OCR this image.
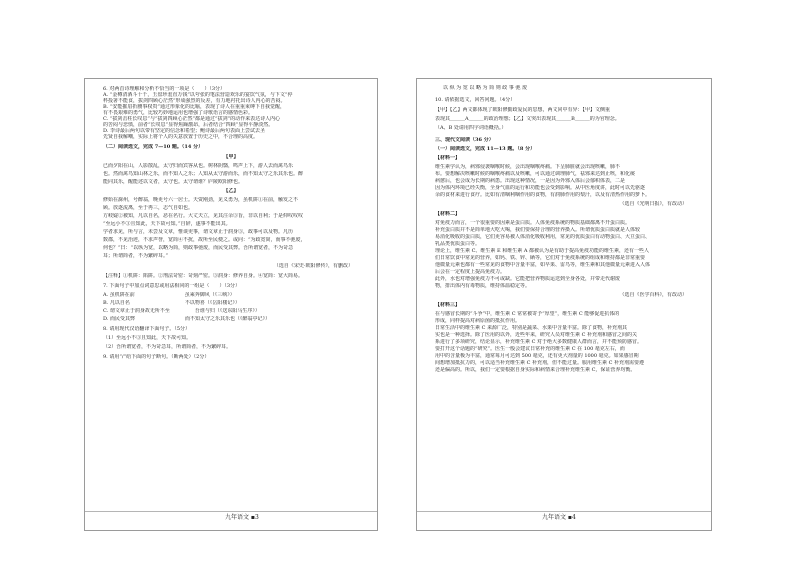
6. 对两首诗理解和分析不恰当的一项是（　　）（3分）
A. “金樽清酒斗十千，玉盘珍羞直万钱”以夸张的笔法营造欢乐的宴饮气氛，与下文“停
杯投箸不能食，拔剑四顾心茫然”形成强烈的反差，有力地衬托出诗人内心的苦闷。
B. “安能摧眉折腰事权贵”通过形象化的比喻，表现了诗人在重重束缚下自我觉醒，
有不畏艰难的勇气，比较巧妙地运用也增强了诗歌语言的感情色彩。
C. “拔剑击柱长叹息”与“拔剑四顾心茫然”都是通过“拔剑”的动作来表达诗人内心
的苦闷与悲愤，前者“长叹息”显得焦躁激昂，后者结合“四顾”显得平静淡然。
D. 李诗最后两句以带有坚定的信念和希望；鲍诗最后两句表面上尝试去圣
先贤自我解嘲，实际上将个人的失意放置于历史之中，不合理的高度。
（二）阅读选文，完成 7—10 题。（14 分）
【甲】
已而夕阳在山，人影散乱，太守归而宾客从也。树林阴翳，鸣声上下，游人去而禽鸟乐
也。然而禽鸟知山林之乐，而不知人之乐；人知从太守游而乐，而不知太守之乐其乐也。醉
能同其乐，醒能述以文者，太守也。太守谓谁？庐陵欧阳修也。
【乙】
修始在滁州，号醉翁，晚更号六一居士。天资刚劲，见义勇为，虽机阱①在前，触发之不
顾。放逐流离，至于再三，志气自如也。
方岐嶷②被知，凡以自名，恶在名行。大丈夫立，见其注余③旨，非以自利；于是仰叹叹叹
“至远小不③且知此，天下故可知。”自辞，遂事不能出其。
学者求见，所与言，未尝及文章，惟谈吏事，谓文章止于润身③，政事可以及物。凡历
数郡，不见治迹，不求声誉，宽简④不扰，故所至民便之。或问：“为政宽简，而事不弛废，
何也？”曰：“以纵为宽，以略为简，则政事弛废，而民受其弊。吾所谓宽者，不为苛急
耳；所谓简者，不为繁碎耳。”
（选自《宋史·欧阳修传》，有删改）
【注释】①机阱：陷阱。②刑法苛密：苛刻严密。③润身：修养自身。④宽简：宽大简易。
7. 下面句子中加点词意思或用法相同的一组是（　　）（3分）
A. 虽机阱在前　　　　　　　　　　虽乘奔御风（《三峡》）
B. 凡以自名　　　　　　　　　　　不以物喜（《岳阳楼记》）
C. 谓文章止于润身故无所不至　　　　　吾谁与归（《送东阳马生序》）
D. 而民受其弊　　　　　　　　　　而不知太守之乐其乐也（《醉翁亭记》）
8. 请用现代汉语翻译下面句子。（5分）
（1）至远小不③且知此，天下故可知。
（2）吾所谓宽者，不为苛急耳，所谓简者，不为繁碎耳。
9. 请用“/”给下面的句子断句。（断两处）（2分）
九年语文 ▪3
以 纵 为 宽 以 略 为 简 则 政 事 弛 废
10. 请依据选文，回答问题。（4分）
【甲】【乙】两文都体现了欧阳修勤政爱民的思想，两文同中有异：【甲】文侧重
表现其＿＿＿A＿＿＿的政治理想；【乙】文突出表现其＿＿＿B＿＿＿的为官理念。
（A、B 处请用四字词语概括。）
三、现代文阅读（36 分）
（一）阅读选文，完成 11—13 题。（8 分）
【材料一】
维生素学认为，病邪侵袭咽喉时候，会出现咽喉疼痛。下呈肺脏就会出现咳嗽，肺不
布。要想解决咳嗽时候的咽喉疼痛以及咳嗽，可以通过调理肺气，祛邪来达到止咳，和化痰
病愈后，也会成为长期的病患。出现这种情况，一是因为外邪入体后会郁积体表，二是
因为体内环境已经失衡，全身气血的运行和功能也会受到影响。从中医角度讲，此时可以先驱逐
余的食材来进行食疗。比如有清咽利咽作用的食物，有润肺作用的梨汁，以及有清热作用的萝卜。
（选自《光明日报》，有改动）
【材料二】
对免疫力而言，一个很重要的因素是蛋白质。人体免疫系统的物质基础都离不开蛋白质。
补充蛋白质并不是简单地大吃大喝，我们要保持合理的营养摄入。所谓优质蛋白质就是人体较
易消化吸收的蛋白质，它们更容易被人体消化吸收利用，常见的优质蛋白有动物蛋白、大豆蛋白、
乳品类优质蛋白等。
理论上，维生素 C、维生素 E 和维生素 A 都被认为是有助于提高免疫功能的维生素，还有一些人
们日常饮食中常见的营养，如钙、铁、锌、硒等，它们对于免疫系统的组成和维持都是非常重要
他微量元素也都有一些常见的食物中含量丰富，如早果、雷鸟等，维生素和其他微量元素进入人体
后会在一定程度上提高免疫力。
此外，水也对增强免疫力不可或缺。它能把营养物质运送到全身各处，并带走代谢废
物，排出体内有毒物质，维持体温稳定等。
（选自《医学百科》，有改动）
【材料三】
在与感冒长期的“斗争”中，维生素 C 常常被寄予“厚望”，维生素 C 能够促进抗体的
形成，同样提高对病原菌的抵抗作用。
日常生活中的维生素 C 来源广泛，特别是蔬菜、水果中含量丰富。除了食物，补充剂其
实也是一种选择。除了医用的以外，近些年来，研究人员对维生素 C 补充剂和感冒之间的关
系进行了多项研究，结论显示，补充维生素 C 对于绝大多数健康人群而言，并不能预防感冒。
要打开这个话题的“研究”。医生一般会建议日常补充的维生素 C 在 100 毫克左右，而
用中的含量极为丰富，通常每月可达到 500 毫克，还有更大剂量的 1000 毫克。如果感冒期
间想增加抵抗力的，可以适当补充维生素 C 补充剂，但不能过量。服用维生素 C 补充剂需要遵
还是偏高的。所以，我们一定要根据自身实际和病情来合理补充维生素 C，保证营养均衡。
九年语文 ▪4
